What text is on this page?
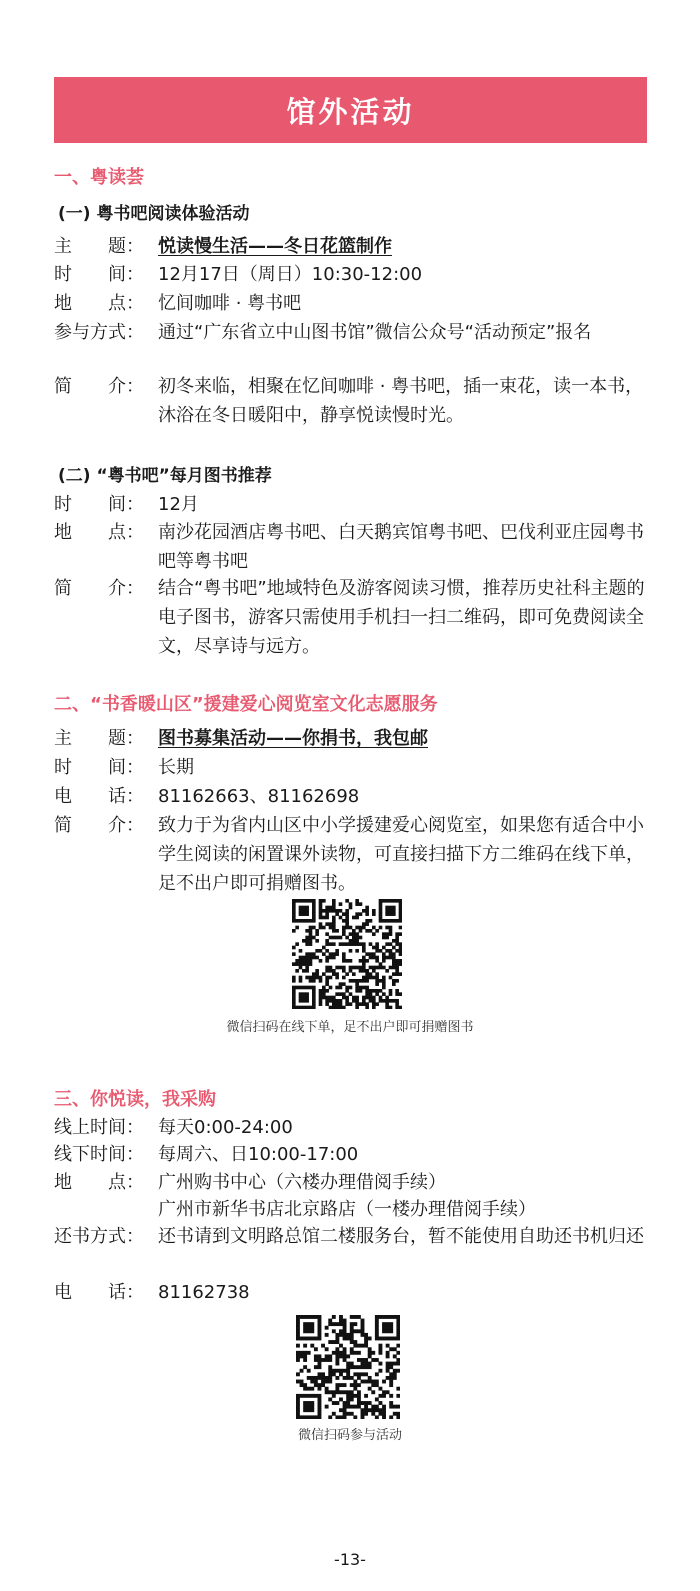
馆外活动
一、粤读荟
(一) 粤书吧阅读体验活动
主　　题： 悦读慢生活——冬日花篮制作
时　　间： 12月17日（周日）10:30-12:00
地　　点： 忆间咖啡 · 粤书吧
参与方式： 通过“广东省立中山图书馆”微信公众号“活动预定”报名
简　　介： 初冬来临，相聚在忆间咖啡 · 粤书吧，插一束花，读一本书，沐浴在冬日暖阳中，静享悦读慢时光。
(二) “粤书吧”每月图书推荐
时　　间： 12月
地　　点： 南沙花园酒店粤书吧、白天鹅宾馆粤书吧、巴伐利亚庄园粤书吧等粤书吧
简　　介： 结合“粤书吧”地域特色及游客阅读习惯，推荐历史社科主题的电子图书，游客只需使用手机扫一扫二维码，即可免费阅读全文，尽享诗与远方。
二、“书香暖山区”援建爱心阅览室文化志愿服务
主　　题： 图书募集活动——你捐书，我包邮
时　　间： 长期
电　　话： 81162663、81162698
简　　介： 致力于为省内山区中小学援建爱心阅览室，如果您有适合中小学生阅读的闲置课外读物，可直接扫描下方二维码在线下单，足不出户即可捐赠图书。
微信扫码在线下单，足不出户即可捐赠图书
三、你悦读，我采购
线上时间： 每天0:00-24:00
线下时间： 每周六、日10:00-17:00
地　　点： 广州购书中心（六楼办理借阅手续）
广州市新华书店北京路店（一楼办理借阅手续）
还书方式： 还书请到文明路总馆二楼服务台，暂不能使用自助还书机归还
电　　话： 81162738
微信扫码参与活动
-13-
